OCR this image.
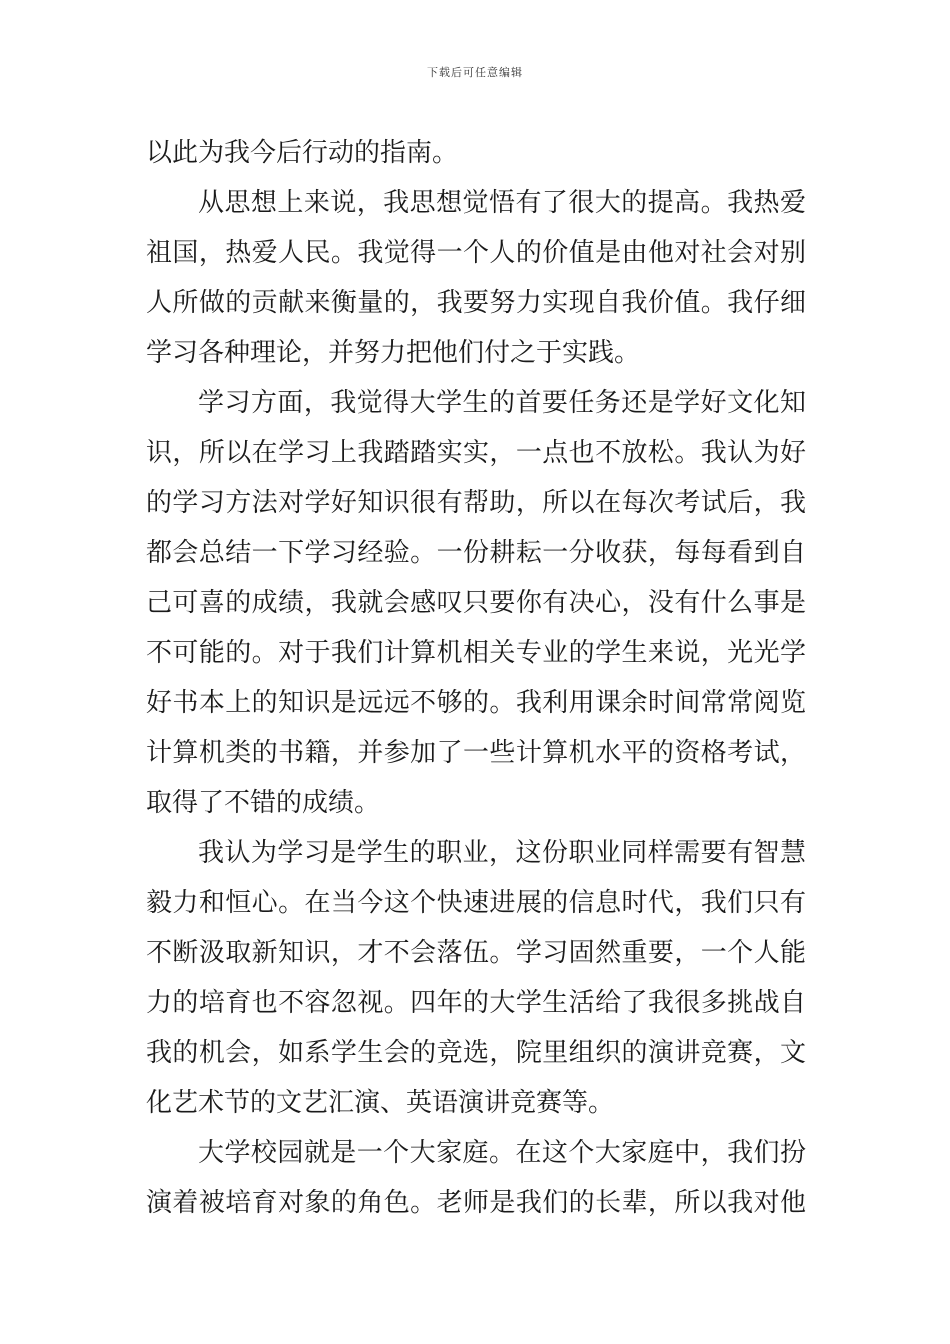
下载后可任意编辑
以此为我今后行动的指南。
从思想上来说，我思想觉悟有了很大的提高。我热爱
祖国，热爱人民。我觉得一个人的价值是由他对社会对别
人所做的贡献来衡量的，我要努力实现自我价值。我仔细
学习各种理论，并努力把他们付之于实践。
学习方面，我觉得大学生的首要任务还是学好文化知
识，所以在学习上我踏踏实实，一点也不放松。我认为好
的学习方法对学好知识很有帮助，所以在每次考试后，我
都会总结一下学习经验。一份耕耘一分收获，每每看到自
己可喜的成绩，我就会感叹只要你有决心，没有什么事是
不可能的。对于我们计算机相关专业的学生来说，光光学
好书本上的知识是远远不够的。我利用课余时间常常阅览
计算机类的书籍，并参加了一些计算机水平的资格考试，
取得了不错的成绩。
我认为学习是学生的职业，这份职业同样需要有智慧
毅力和恒心。在当今这个快速进展的信息时代，我们只有
不断汲取新知识，才不会落伍。学习固然重要，一个人能
力的培育也不容忽视。四年的大学生活给了我很多挑战自
我的机会，如系学生会的竞选，院里组织的演讲竞赛，文
化艺术节的文艺汇演、英语演讲竞赛等。
大学校园就是一个大家庭。在这个大家庭中，我们扮
演着被培育对象的角色。老师是我们的长辈，所以我对他
